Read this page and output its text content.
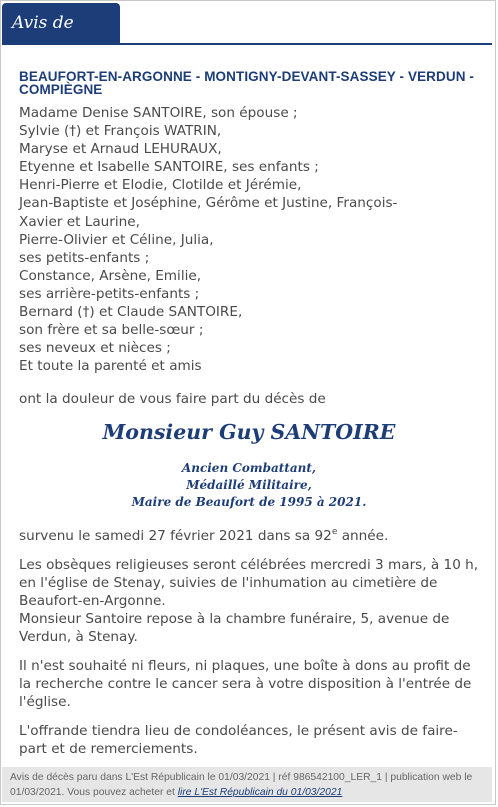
Avis de décès

BEAUFORT-EN-ARGONNE - MONTIGNY-DEVANT-SASSEY - VERDUN - COMPIÈGNE

Madame Denise SANTOIRE, son épouse ;
Sylvie (†) et François WATRIN,
Maryse et Arnaud LEHURAUX,
Etyenne et Isabelle SANTOIRE, ses enfants ;
Henri-Pierre et Elodie, Clotilde et Jérémie,
Jean-Baptiste et Joséphine, Gérôme et Justine, François-
Xavier et Laurine,
Pierre-Olivier et Céline, Julia,
ses petits-enfants ;
Constance, Arsène, Emilie,
ses arrière-petits-enfants ;
Bernard (†) et Claude SANTOIRE,
son frère et sa belle-sœur ;
ses neveux et nièces ;
Et toute la parenté et amis

ont la douleur de vous faire part du décès de

Monsieur Guy SANTOIRE

Ancien Combattant,
Médaillé Militaire,
Maire de Beaufort de 1995 à 2021.

survenu le samedi 27 février 2021 dans sa 92e année.

Les obsèques religieuses seront célébrées mercredi 3 mars, à 10 h, en l'église de Stenay, suivies de l'inhumation au cimetière de Beaufort-en-Argonne.

Monsieur Santoire repose à la chambre funéraire, 5, avenue de Verdun, à Stenay.

Il n'est souhaité ni fleurs, ni plaques, une boîte à dons au profit de la recherche contre le cancer sera à votre disposition à l'entrée de l'église.

L'offrande tiendra lieu de condoléances, le présent avis de faire-part et de remerciements.

Avis de décès paru dans L'Est Républicain le 01/03/2021 | réf 986542100_LER_1 | publication web le 01/03/2021. Vous pouvez acheter et lire L'Est Républicain du 01/03/2021
